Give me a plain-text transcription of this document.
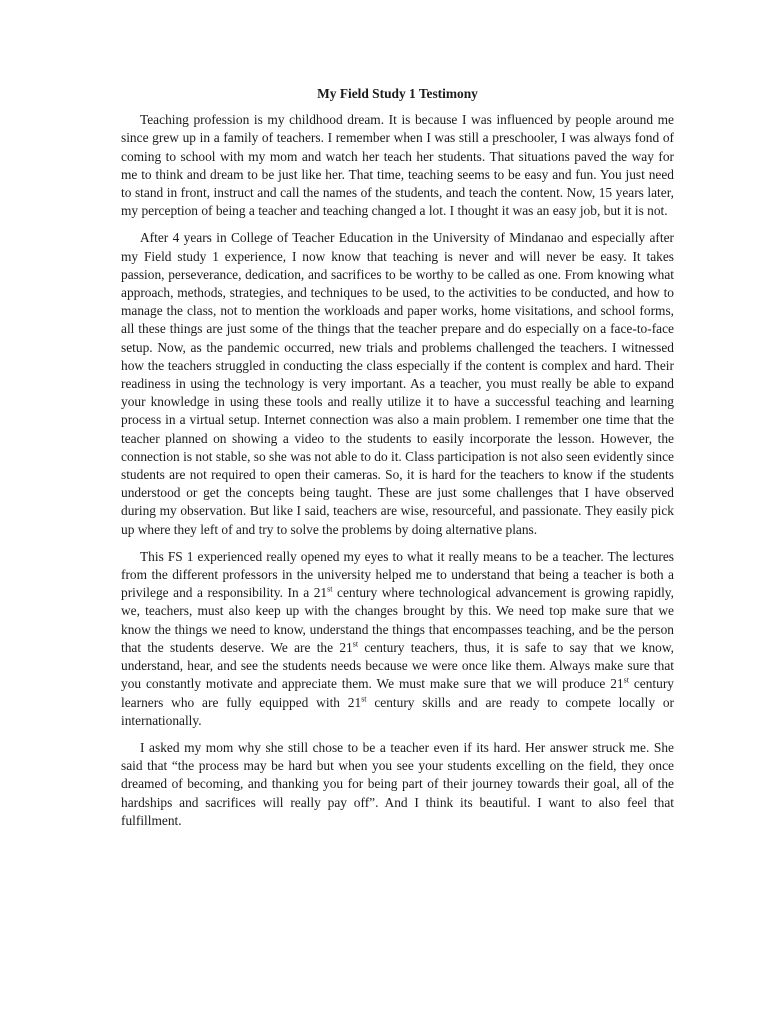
My Field Study 1 Testimony

Teaching profession is my childhood dream. It is because I was influenced by people around me since grew up in a family of teachers. I remember when I was still a preschooler, I was always fond of coming to school with my mom and watch her teach her students. That situations paved the way for me to think and dream to be just like her. That time, teaching seems to be easy and fun. You just need to stand in front, instruct and call the names of the students, and teach the content. Now, 15 years later, my perception of being a teacher and teaching changed a lot. I thought it was an easy job, but it is not.

After 4 years in College of Teacher Education in the University of Mindanao and especially after my Field study 1 experience, I now know that teaching is never and will never be easy. It takes passion, perseverance, dedication, and sacrifices to be worthy to be called as one. From knowing what approach, methods, strategies, and techniques to be used, to the activities to be conducted, and how to manage the class, not to mention the workloads and paper works, home visitations, and school forms, all these things are just some of the things that the teacher prepare and do especially on a face-to-face setup. Now, as the pandemic occurred, new trials and problems challenged the teachers. I witnessed how the teachers struggled in conducting the class especially if the content is complex and hard. Their readiness in using the technology is very important. As a teacher, you must really be able to expand your knowledge in using these tools and really utilize it to have a successful teaching and learning process in a virtual setup. Internet connection was also a main problem. I remember one time that the teacher planned on showing a video to the students to easily incorporate the lesson. However, the connection is not stable, so she was not able to do it. Class participation is not also seen evidently since students are not required to open their cameras. So, it is hard for the teachers to know if the students understood or get the concepts being taught. These are just some challenges that I have observed during my observation. But like I said, teachers are wise, resourceful, and passionate. They easily pick up where they left of and try to solve the problems by doing alternative plans.

This FS 1 experienced really opened my eyes to what it really means to be a teacher. The lectures from the different professors in the university helped me to understand that being a teacher is both a privilege and a responsibility. In a 21st century where technological advancement is growing rapidly, we, teachers, must also keep up with the changes brought by this. We need top make sure that we know the things we need to know, understand the things that encompasses teaching, and be the person that the students deserve. We are the 21st century teachers, thus, it is safe to say that we know, understand, hear, and see the students needs because we were once like them. Always make sure that you constantly motivate and appreciate them. We must make sure that we will produce 21st century learners who are fully equipped with 21st century skills and are ready to compete locally or internationally.

I asked my mom why she still chose to be a teacher even if its hard. Her answer struck me. She said that “the process may be hard but when you see your students excelling on the field, they once dreamed of becoming, and thanking you for being part of their journey towards their goal, all of the hardships and sacrifices will really pay off”. And I think its beautiful. I want to also feel that fulfillment.
